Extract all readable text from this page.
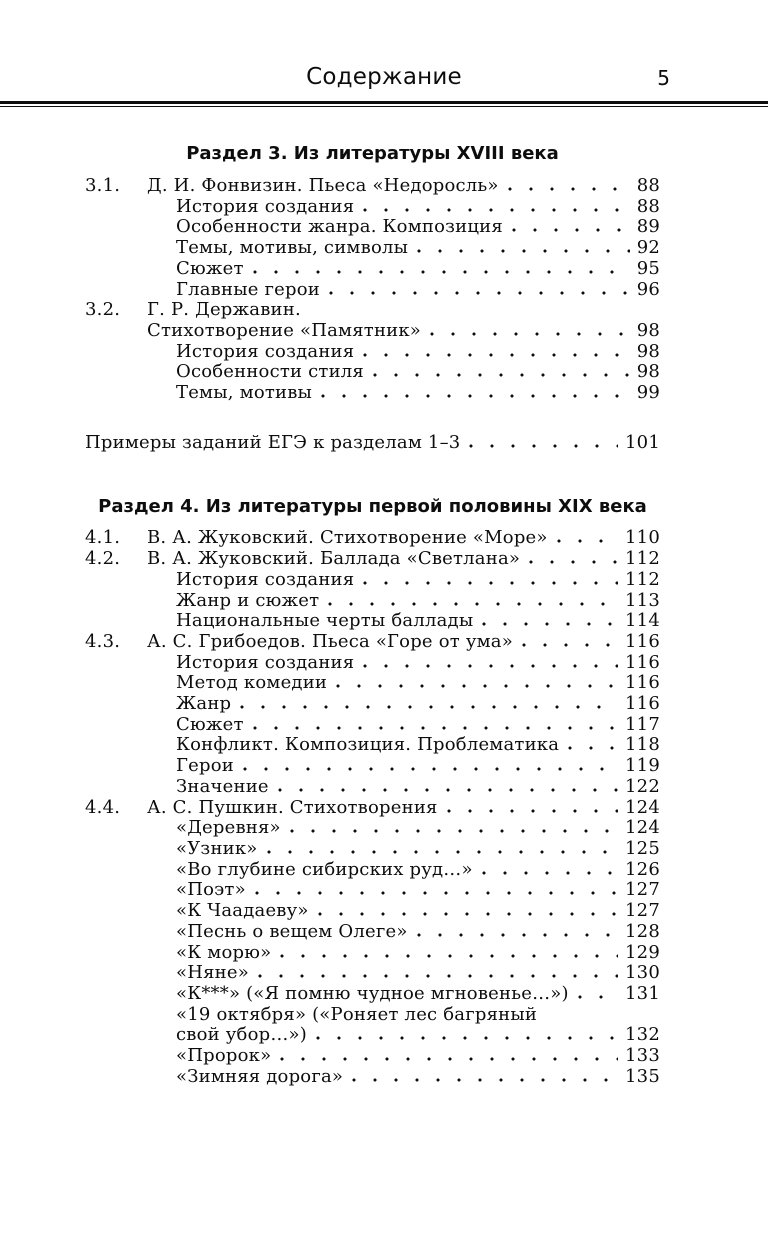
Содержание	5
Раздел 3. Из литературы XVIII века
3.1.	Д. И. Фонвизин. Пьеса «Недоросль»	88
История создания	88
Особенности жанра. Композиция	89
Темы, мотивы, символы	92
Сюжет	95
Главные герои	96
3.2.	Г. Р. Державин.
Стихотворение «Памятник»	98
История создания	98
Особенности стиля	98
Темы, мотивы	99
Примеры заданий ЕГЭ к разделам 1–3	101
Раздел 4. Из литературы первой половины XIX века
4.1.	В. А. Жуковский. Стихотворение «Море»	110
4.2.	В. А. Жуковский. Баллада «Светлана»	112
История создания	112
Жанр и сюжет	113
Национальные черты баллады	114
4.3.	А. С. Грибоедов. Пьеса «Горе от ума»	116
История создания	116
Метод комедии	116
Жанр	116
Сюжет	117
Конфликт. Композиция. Проблематика	118
Герои	119
Значение	122
4.4.	А. С. Пушкин. Стихотворения	124
«Деревня»	124
«Узник»	125
«Во глубине сибирских руд…»	126
«Поэт»	127
«К Чаадаеву»	127
«Песнь о вещем Олеге»	128
«К морю»	129
«Няне»	130
«К***» («Я помню чудное мгновенье…»)	131
«19 октября» («Роняет лес багряный
свой убор…»)	132
«Пророк»	133
«Зимняя дорога»	135
